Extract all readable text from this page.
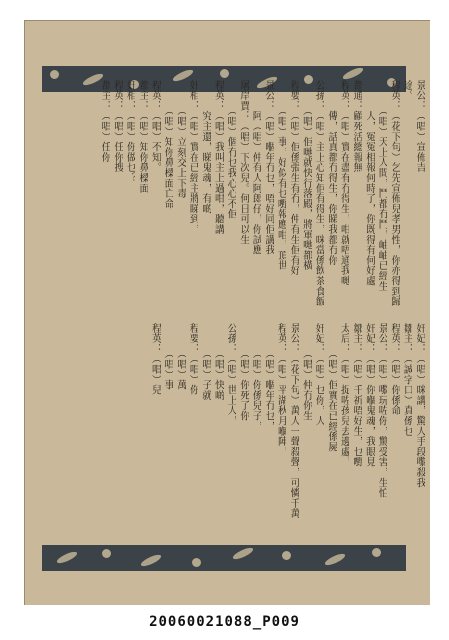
景公：（唱）宣佈吉
途。
程英：（花下句）乞先宣佈兒孝男性，你亦得到歸
　　　（唱）天上人間，鬥都冇鬥，岫岫已經生
　　　人，冤冤相報何時了，你既得有何好處
都通：顧死活總報無
程英：（唱）實在盡有冇得生，咁就唔通我哋
　　　傳，話真都冇得生，你睇我都冇你
公孫：（唱）主上心知佢有得生，咪當係飲茶食飯
　　　（唱）佢哋就快行落殿，將軍哋都橫
程嬰：（唱）佢係張生有冇，仲有生佢有好
　　　（唱）事，好似有乜嘢報應咁，頂世
景公：（唱）嗰年冇乜，唔好同佢講我
　　　阿（唱）仲有人阿郎仔，你試應
屠岸賈：（唱）下次兒。何日可以生
　　　（唱）個冇乜我心心不佢
程英：（唱）我叫主上過咁，聽講
　　　究主還，睇鬼魂，有啲
奸相：（唱）實在已經主將睇到，
　　　（唱）立刻交上下毒
　　　（唱）知你鼻樑面亡命
程英：（唱）不知。
都主：（唱）知你鼻樑面
奸相：（唱）你做乜？
程英：（唱）任你搜
都主：（唱）任你
奸妃：（唱）咪講，驚人手段嚟殺我
鄒主：（誠字口）真係乜
程英：（唱）你係命
景公：（唱）嚟玩咗你，驚受害，生怕
奸妃：（唱）你嗰鬼魂，我眼見
鄒主：（唱）千祈唔好生，乜嘢
太后：（唱）捉咗孩兒去邊處，
　　　（唱）佢實在已經係屍
奸妃：（唱）乜你，人
　　　（唱）仲冇你生
景公：（花下句）萬人一聲殺聲，可憐千萬
程英：（唱）平湖秋月嗰陣，
　　　（唱）嗰年冇乜，
　　　（唱）你係兒子，
　　　（唱）你死了你
公孫：（唱）世上人，
　　　（唱）快啲
　　　（唱）子就
程要：（唱）你
　　　（唱）萬
　　　（唱）事
程英：（唱）兒
20060021088_P009
